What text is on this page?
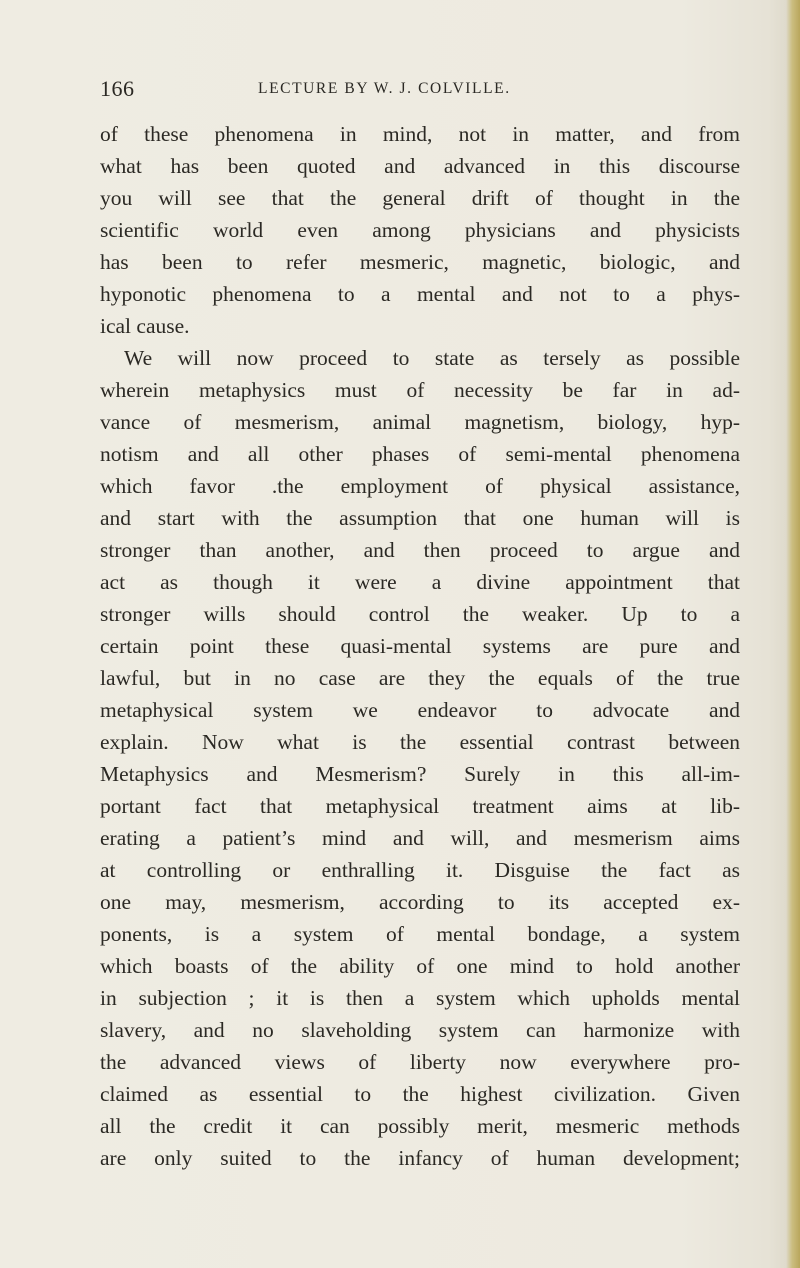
166	LECTURE BY W. J. COLVILLE.
of these phenomena in mind, not in matter, and from
what has been quoted and advanced in this discourse
you will see that the general drift of thought in the
scientific world even among physicians and physicists
has been to refer mesmeric, magnetic, biologic, and
hyponotic phenomena to a mental and not to a phys-
ical cause.
We will now proceed to state as tersely as possible
wherein metaphysics must of necessity be far in ad-
vance of mesmerism, animal magnetism, biology, hyp-
notism and all other phases of semi-mental phenomena
which favor .the employment of physical assistance,
and start with the assumption that one human will is
stronger than another, and then proceed to argue and
act as though it were a divine appointment that
stronger wills should control the weaker. Up to a
certain point these quasi-mental systems are pure and
lawful, but in no case are they the equals of the true
metaphysical system we endeavor to advocate and
explain. Now what is the essential contrast between
Metaphysics and Mesmerism? Surely in this all-im-
portant fact that metaphysical treatment aims at lib-
erating a patient’s mind and will, and mesmerism aims
at controlling or enthralling it. Disguise the fact as
one may, mesmerism, according to its accepted ex-
ponents, is a system of mental bondage, a system
which boasts of the ability of one mind to hold another
in subjection ; it is then a system which upholds mental
slavery, and no slaveholding system can harmonize with
the advanced views of liberty now everywhere pro-
claimed as essential to the highest civilization. Given
all the credit it can possibly merit, mesmeric methods
are only suited to the infancy of human development;
